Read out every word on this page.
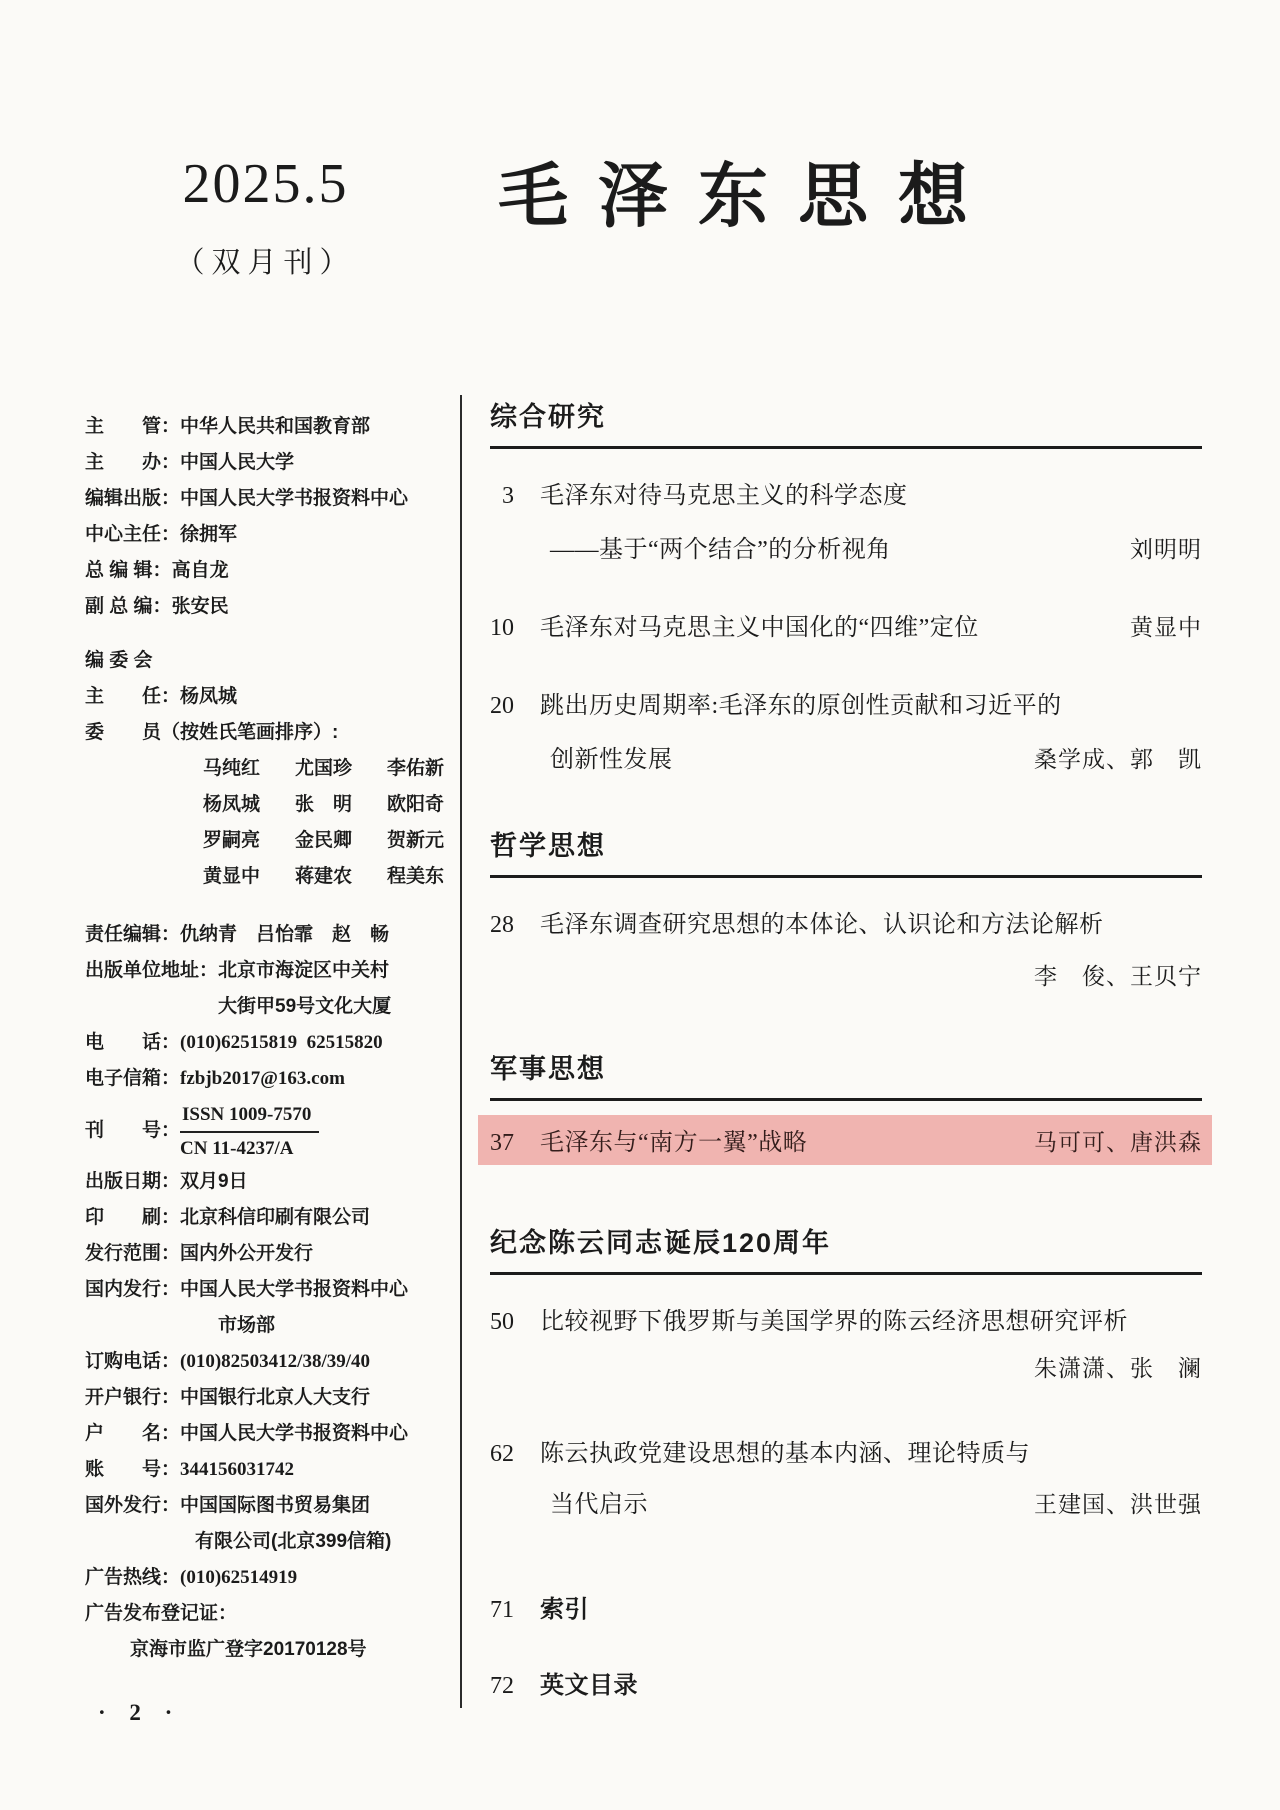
2025.5
（双月刊）
毛泽东思想
主　　管： 中华人民共和国教育部
主　　办： 中国人民大学
编辑出版： 中国人民大学书报资料中心
中心主任： 徐拥军
总 编 辑： 高自龙
副 总 编： 张安民
编 委 会
主　　任： 杨凤城
委　　员 （按姓氏笔画排序）:
马纯红	尤国珍	李佑新
杨凤城	张　明	欧阳奇
罗嗣亮	金民卿	贺新元
黄显中	蒋建农	程美东
责任编辑： 仇纳青　吕怡霏　赵　畅
出版单位地址： 北京市海淀区中关村
大街甲59号文化大厦
电　　话： (010)62515819  62515820
电子信箱： fzbjb2017@163.com
刊　　号： $\frac{\text{ISSN 1009-7570}}{CN 11-4237/A}$
出版日期： 双月9日
印　　刷： 北京科信印刷有限公司
发行范围： 国内外公开发行
国内发行： 中国人民大学书报资料中心
市场部
订购电话： (010)82503412/38/39/40
开户银行： 中国银行北京人大支行
户　　名： 中国人民大学书报资料中心
账　　号： 344156031742
国外发行： 中国国际图书贸易集团
有限公司(北京399信箱)
广告热线： (010)62514919
广告发布登记证：
京海市监广登字20170128号
综合研究
3 毛泽东对待马克思主义的科学态度
——基于“两个结合”的分析视角	刘明明
10 毛泽东对马克思主义中国化的“四维”定位	黄显中
20 跳出历史周期率:毛泽东的原创性贡献和习近平的
创新性发展	桑学成、郭　凯
哲学思想
28 毛泽东调查研究思想的本体论、认识论和方法论解析
李　俊、王贝宁
军事思想
37 毛泽东与“南方一翼”战略	马可可、唐洪森
纪念陈云同志诞辰120周年
50 比较视野下俄罗斯与美国学界的陈云经济思想研究评析
朱潇潇、张　澜
62 陈云执政党建设思想的基本内涵、理论特质与
当代启示	王建国、洪世强
71 索引
72 英文目录
· 2 ·
